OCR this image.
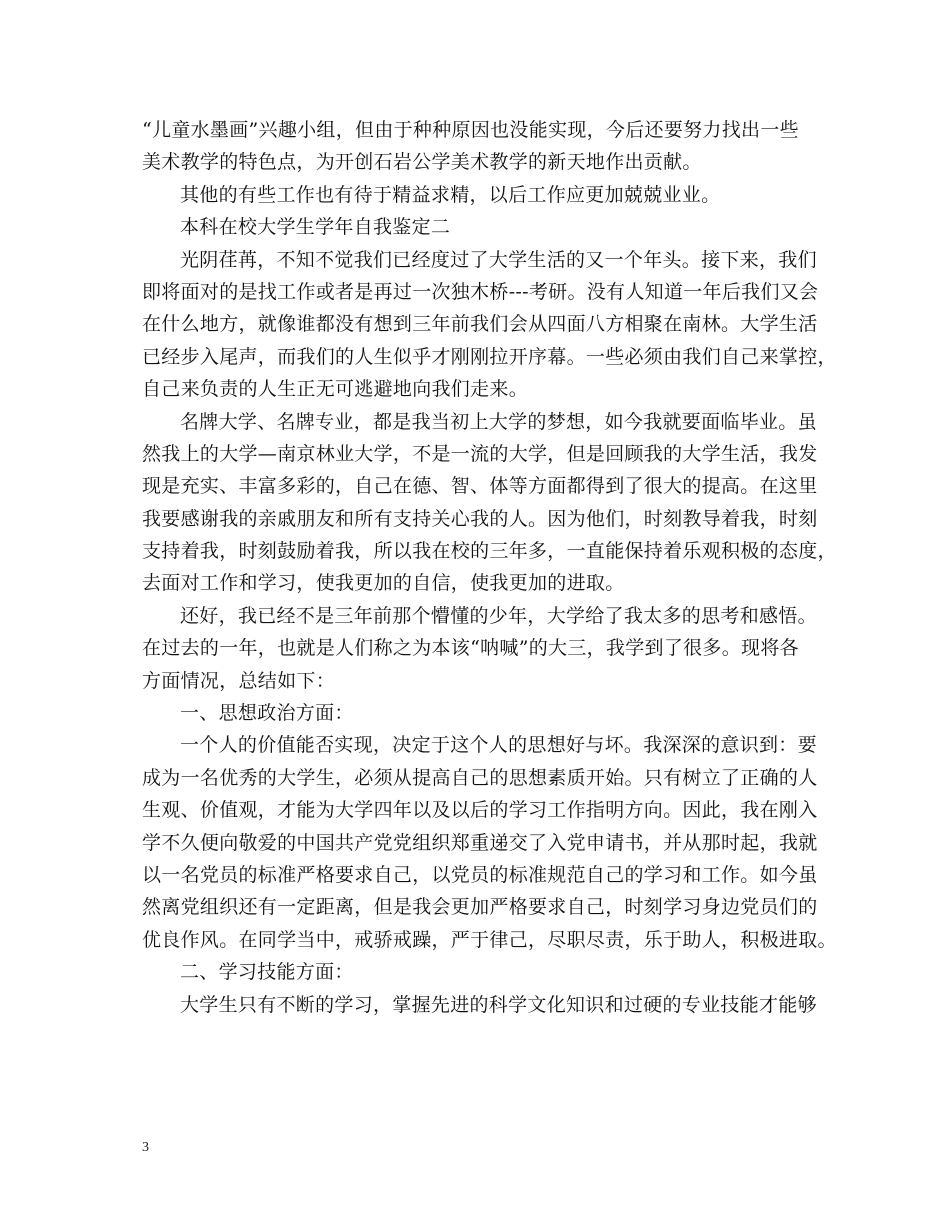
“儿童水墨画”兴趣小组，但由于种种原因也没能实现，今后还要努力找出一些
美术教学的特色点，为开创石岩公学美术教学的新天地作出贡献。
其他的有些工作也有待于精益求精，以后工作应更加兢兢业业。
本科在校大学生学年自我鉴定二
光阴荏苒，不知不觉我们已经度过了大学生活的又一个年头。接下来，我们
即将面对的是找工作或者是再过一次独木桥---考研。没有人知道一年后我们又会
在什么地方，就像谁都没有想到三年前我们会从四面八方相聚在南林。大学生活
已经步入尾声，而我们的人生似乎才刚刚拉开序幕。一些必须由我们自己来掌控，
自己来负责的人生正无可逃避地向我们走来。
名牌大学、名牌专业，都是我当初上大学的梦想，如今我就要面临毕业。虽
然我上的大学—南京林业大学，不是一流的大学，但是回顾我的大学生活，我发
现是充实、丰富多彩的，自己在德、智、体等方面都得到了很大的提高。在这里
我要感谢我的亲戚朋友和所有支持关心我的人。因为他们，时刻教导着我，时刻
支持着我，时刻鼓励着我，所以我在校的三年多，一直能保持着乐观积极的态度，
去面对工作和学习，使我更加的自信，使我更加的进取。
还好，我已经不是三年前那个懵懂的少年，大学给了我太多的思考和感悟。
在过去的一年，也就是人们称之为本该“呐喊”的大三，我学到了很多。现将各
方面情况，总结如下：
一、思想政治方面：
一个人的价值能否实现，决定于这个人的思想好与坏。我深深的意识到：要
成为一名优秀的大学生，必须从提高自己的思想素质开始。只有树立了正确的人
生观、价值观，才能为大学四年以及以后的学习工作指明方向。因此，我在刚入
学不久便向敬爱的中国共产党党组织郑重递交了入党申请书，并从那时起，我就
以一名党员的标准严格要求自己，以党员的标准规范自己的学习和工作。如今虽
然离党组织还有一定距离，但是我会更加严格要求自己，时刻学习身边党员们的
优良作风。在同学当中，戒骄戒躁，严于律己，尽职尽责，乐于助人，积极进取。
二、学习技能方面：
大学生只有不断的学习，掌握先进的科学文化知识和过硬的专业技能才能够
3
